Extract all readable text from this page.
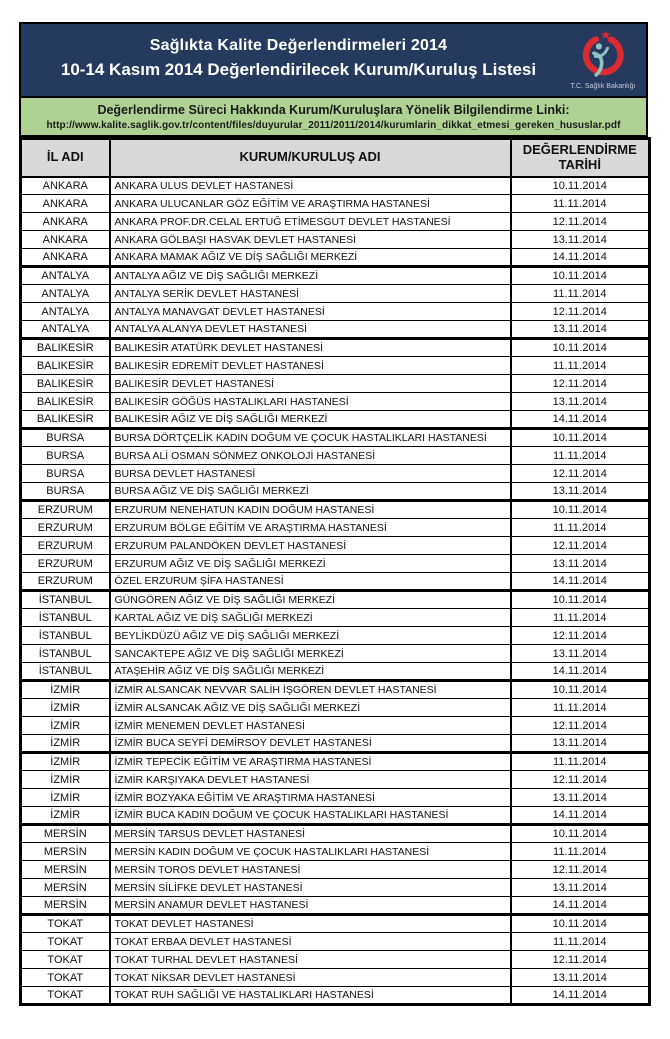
Sağlıkta Kalite Değerlendirmeleri 2014
10-14 Kasım 2014 Değerlendirilecek Kurum/Kuruluş Listesi
T.C. Sağlık Bakanlığı
Değerlendirme Süreci Hakkında Kurum/Kuruluşlara Yönelik Bilgilendirme Linki:
http://www.kalite.saglik.gov.tr/content/files/duyurular_2011/2011/2014/kurumlarin_dikkat_etmesi_gereken_hususlar.pdf
İL ADI	KURUM/KURULUŞ ADI	DEĞERLENDİRME TARİHİ
ANKARA	ANKARA ULUS DEVLET HASTANESİ	10.11.2014
ANKARA	ANKARA ULUCANLAR GÖZ EĞİTİM VE ARAŞTIRMA HASTANESİ	11.11.2014
ANKARA	ANKARA PROF.DR.CELAL ERTUĞ ETİMESGUT DEVLET HASTANESİ	12.11.2014
ANKARA	ANKARA GÖLBAŞI HASVAK DEVLET HASTANESİ	13.11.2014
ANKARA	ANKARA MAMAK AĞIZ VE DİŞ SAĞLIĞI MERKEZİ	14.11.2014
ANTALYA	ANTALYA AĞIZ VE DİŞ SAĞLIĞI MERKEZİ	10.11.2014
ANTALYA	ANTALYA SERİK DEVLET HASTANESİ	11.11.2014
ANTALYA	ANTALYA MANAVGAT DEVLET HASTANESİ	12.11.2014
ANTALYA	ANTALYA ALANYA DEVLET HASTANESİ	13.11.2014
BALIKESİR	BALIKESİR ATATÜRK DEVLET HASTANESİ	10.11.2014
BALIKESİR	BALIKESİR EDREMİT DEVLET HASTANESİ	11.11.2014
BALIKESİR	BALIKESİR DEVLET HASTANESİ	12.11.2014
BALIKESİR	BALIKESİR GÖĞÜS HASTALIKLARI HASTANESİ	13.11.2014
BALIKESİR	BALIKESİR AĞIZ VE DİŞ SAĞLIĞI MERKEZİ	14.11.2014
BURSA	BURSA DÖRTÇELİK KADIN DOĞUM VE ÇOCUK HASTALIKLARI HASTANESİ	10.11.2014
BURSA	BURSA ALİ OSMAN SÖNMEZ ONKOLOJİ HASTANESİ	11.11.2014
BURSA	BURSA DEVLET HASTANESİ	12.11.2014
BURSA	BURSA AĞIZ VE DİŞ SAĞLIĞI MERKEZİ	13.11.2014
ERZURUM	ERZURUM NENEHATUN KADIN DOĞUM HASTANESİ	10.11.2014
ERZURUM	ERZURUM BÖLGE EĞİTİM VE ARAŞTIRMA HASTANESİ	11.11.2014
ERZURUM	ERZURUM PALANDÖKEN DEVLET HASTANESİ	12.11.2014
ERZURUM	ERZURUM AĞIZ VE DİŞ SAĞLIĞI MERKEZİ	13.11.2014
ERZURUM	ÖZEL ERZURUM ŞİFA HASTANESİ	14.11.2014
İSTANBUL	GÜNGÖREN AĞIZ VE DİŞ SAĞLIĞI MERKEZİ	10.11.2014
İSTANBUL	KARTAL AĞIZ VE DİŞ SAĞLIĞI MERKEZİ	11.11.2014
İSTANBUL	BEYLİKDÜZÜ AĞIZ VE DİŞ SAĞLIĞI MERKEZİ	12.11.2014
İSTANBUL	SANCAKTEPE AĞIZ VE DİŞ SAĞLIĞI MERKEZİ	13.11.2014
İSTANBUL	ATAŞEHİR AĞIZ VE DİŞ SAĞLIĞI MERKEZİ	14.11.2014
İZMİR	İZMİR ALSANCAK NEVVAR SALİH İŞGÖREN DEVLET HASTANESİ	10.11.2014
İZMİR	İZMİR ALSANCAK AĞIZ VE DİŞ SAĞLIĞI MERKEZİ	11.11.2014
İZMİR	İZMİR MENEMEN DEVLET HASTANESİ	12.11.2014
İZMİR	İZMİR BUCA SEYFİ DEMİRSOY DEVLET HASTANESİ	13.11.2014
İZMİR	İZMİR TEPECİK EĞİTİM VE ARAŞTIRMA HASTANESİ	11.11.2014
İZMİR	İZMİR KARŞIYAKA DEVLET HASTANESİ	12.11.2014
İZMİR	İZMİR BOZYAKA EĞİTİM VE ARAŞTIRMA HASTANESİ	13.11.2014
İZMİR	İZMİR BUCA KADIN DOĞUM VE ÇOCUK HASTALIKLARI HASTANESİ	14.11.2014
MERSİN	MERSİN TARSUS DEVLET HASTANESİ	10.11.2014
MERSİN	MERSİN KADIN DOĞUM VE ÇOCUK HASTALIKLARI HASTANESİ	11.11.2014
MERSİN	MERSİN TOROS DEVLET HASTANESİ	12.11.2014
MERSİN	MERSİN SİLİFKE DEVLET HASTANESİ	13.11.2014
MERSİN	MERSİN ANAMUR DEVLET HASTANESİ	14.11.2014
TOKAT	TOKAT DEVLET HASTANESİ	10.11.2014
TOKAT	TOKAT ERBAA DEVLET HASTANESİ	11.11.2014
TOKAT	TOKAT TURHAL DEVLET HASTANESİ	12.11.2014
TOKAT	TOKAT NİKSAR DEVLET HASTANESİ	13.11.2014
TOKAT	TOKAT RUH SAĞLIĞI VE HASTALIKLARI HASTANESİ	14.11.2014
